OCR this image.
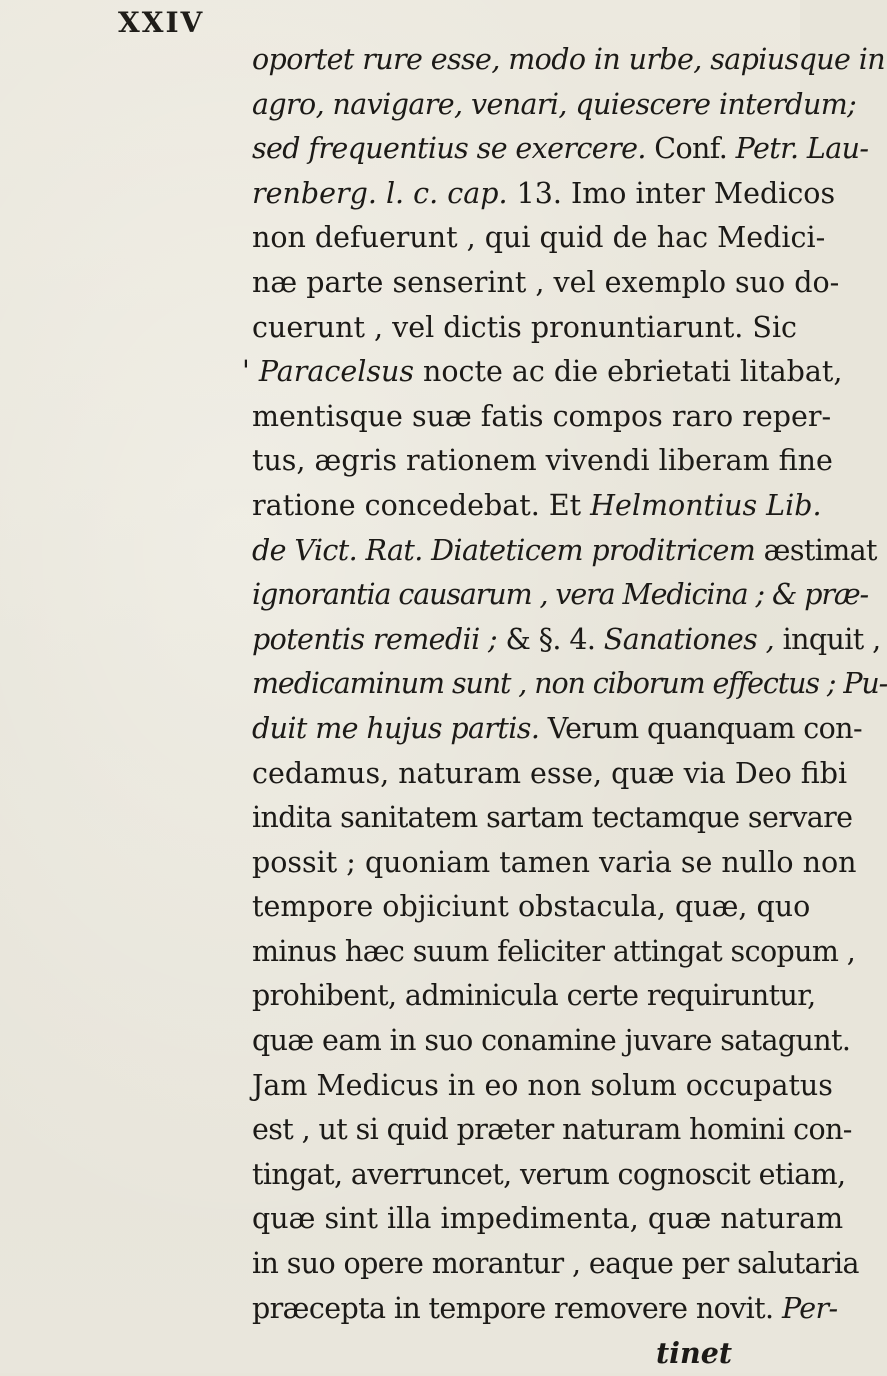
XXIV
oportet rure esse, modo in urbe, sapiusque in
agro, navigare, venari, quiescere interdum;
sed frequentius se exercere. Conf. Petr. Lau-
renberg. l. c. cap. 13. Imo inter Medicos
non defuerunt , qui quid de hac Medici-
næ parte senserint , vel exemplo suo do-
cuerunt , vel dictis pronuntiarunt. Sic
' Paracelsus nocte ac die ebrietati litabat,
mentisque suæ fatis compos raro reper-
tus, ægris rationem vivendi liberam fine
ratione concedebat. Et Helmontius Lib.
de Vict. Rat. Diateticem proditricem æstimat
ignorantia causarum , vera Medicina ; & præ-
potentis remedii ; & §. 4. Sanationes , inquit ,
medicaminum sunt , non ciborum effectus ; Pu-
duit me hujus partis. Verum quanquam con-
cedamus, naturam esse, quæ via Deo fibi
indita sanitatem sartam tectamque servare
possit ; quoniam tamen varia se nullo non
tempore objiciunt obstacula, quæ, quo
minus hæc suum feliciter attingat scopum ,
prohibent, adminicula certe requiruntur,
quæ eam in suo conamine juvare satagunt.
Jam Medicus in eo non solum occupatus
est , ut si quid præter naturam homini con-
tingat, averruncet, verum cognoscit etiam,
quæ sint illa impedimenta, quæ naturam
in suo opere morantur , eaque per salutaria
præcepta in tempore removere novit. Per-
tinet
